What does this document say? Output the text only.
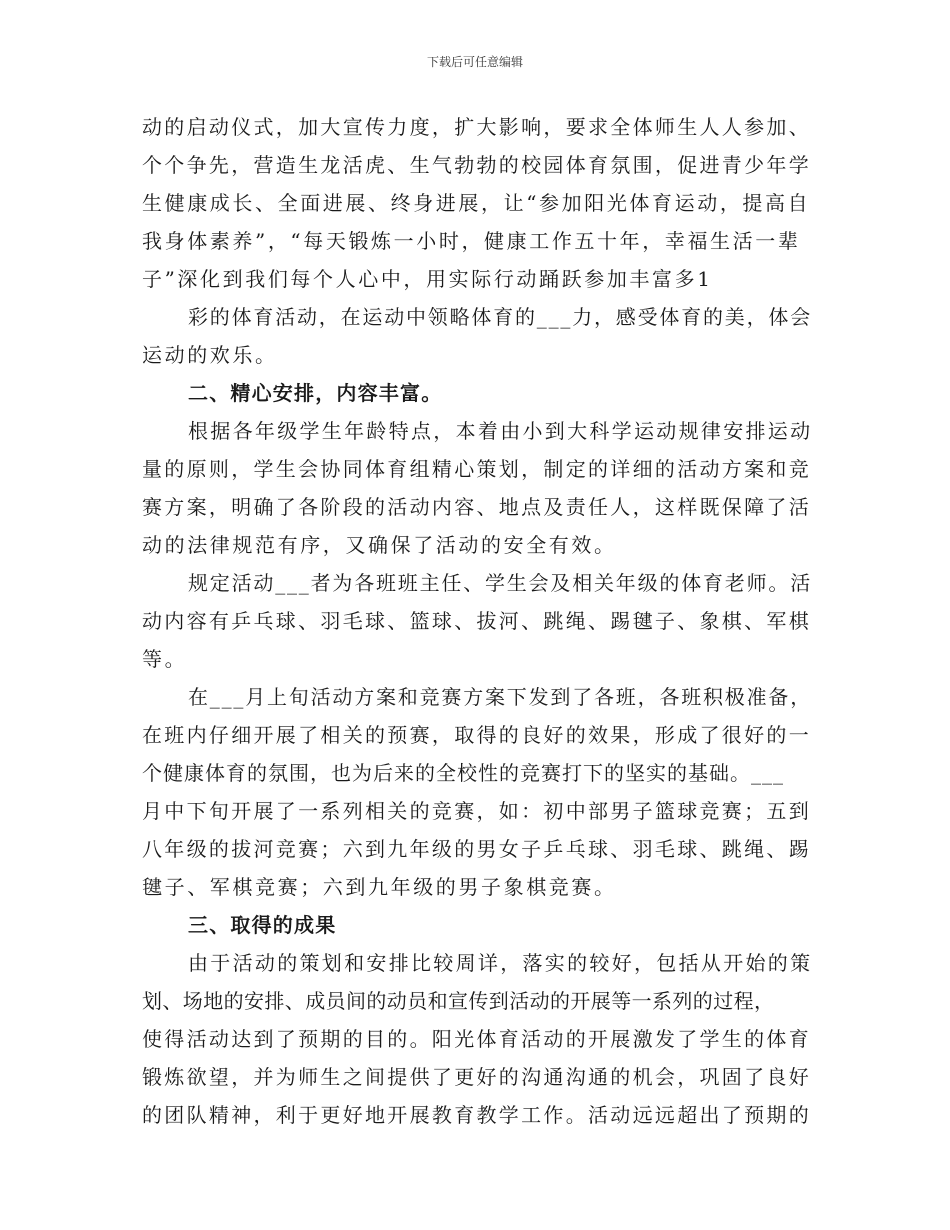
下载后可任意编辑
动的启动仪式，加大宣传力度，扩大影响，要求全体师生人人参加、
个个争先，营造生龙活虎、生气勃勃的校园体育氛围，促进青少年学
生健康成长、全面进展、终身进展，让“参加阳光体育运动，提高自
我身体素养”，“每天锻炼一小时，健康工作五十年，幸福生活一辈
子”深化到我们每个人心中，用实际行动踊跃参加丰富多1
彩的体育活动，在运动中领略体育的___力，感受体育的美，体会
运动的欢乐。
二、精心安排，内容丰富。
根据各年级学生年龄特点，本着由小到大科学运动规律安排运动
量的原则，学生会协同体育组精心策划，制定的详细的活动方案和竞
赛方案，明确了各阶段的活动内容、地点及责任人，这样既保障了活
动的法律规范有序，又确保了活动的安全有效。
规定活动___者为各班班主任、学生会及相关年级的体育老师。活
动内容有乒乓球、羽毛球、篮球、拔河、跳绳、踢毽子、象棋、军棋
等。
在___月上旬活动方案和竞赛方案下发到了各班，各班积极准备，
在班内仔细开展了相关的预赛，取得的良好的效果，形成了很好的一
个健康体育的氛围，也为后来的全校性的竞赛打下的坚实的基础。___
月中下旬开展了一系列相关的竞赛，如：初中部男子篮球竞赛；五到
八年级的拔河竞赛；六到九年级的男女子乒乓球、羽毛球、跳绳、踢
毽子、军棋竞赛；六到九年级的男子象棋竞赛。
三、取得的成果
由于活动的策划和安排比较周详，落实的较好，包括从开始的策
划、场地的安排、成员间的动员和宣传到活动的开展等一系列的过程，
使得活动达到了预期的目的。阳光体育活动的开展激发了学生的体育
锻炼欲望，并为师生之间提供了更好的沟通沟通的机会，巩固了良好
的团队精神，利于更好地开展教育教学工作。活动远远超出了预期的
